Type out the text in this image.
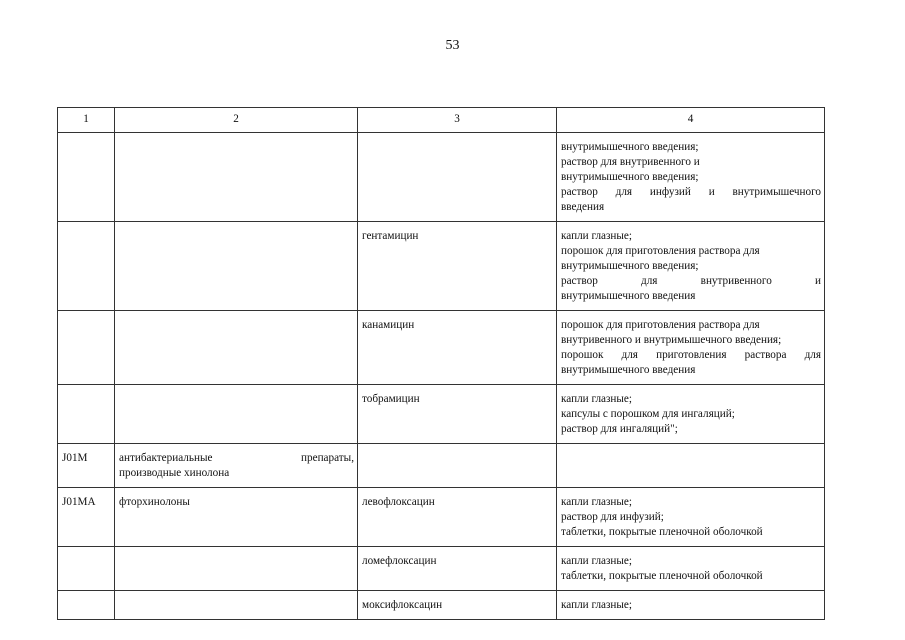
53
1	2	3	4

			внутримышечного введения;
раствор для внутривенного и
внутримышечного введения;
раствор для инфузий и внутримышечного
введения

		гентамицин	капли глазные;
порошок для приготовления раствора для
внутримышечного введения;
раствор для внутривенного и
внутримышечного введения

		канамицин	порошок для приготовления раствора для
внутривенного и внутримышечного введения;
порошок для приготовления раствора для
внутримышечного введения

		тобрамицин	капли глазные;
капсулы с порошком для ингаляций;
раствор для ингаляций";

J01M	антибактериальные препараты,
производные хинолона		

J01MA	фторхинолоны	левофлоксацин	капли глазные;
раствор для инфузий;
таблетки, покрытые пленочной оболочкой

		ломефлоксацин	капли глазные;
таблетки, покрытые пленочной оболочкой

		моксифлоксацин	капли глазные;
